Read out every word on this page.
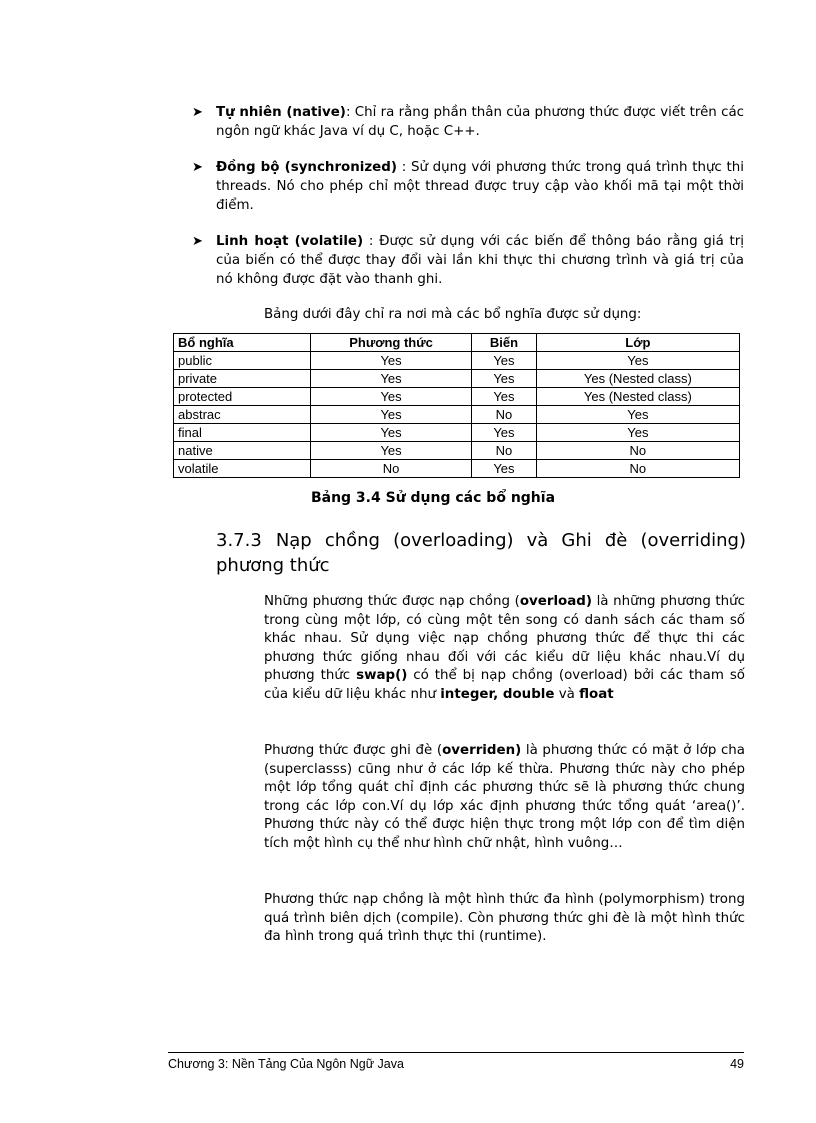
➤ Tự nhiên (native): Chỉ ra rằng phần thân của phương thức được viết trên các ngôn ngữ khác Java ví dụ C, hoặc C++.
➤ Đồng bộ (synchronized) : Sử dụng với phương thức trong quá trình thực thi threads. Nó cho phép chỉ một thread được truy cập vào khối mã tại một thời điểm.
➤ Linh hoạt (volatile) : Được sử dụng với các biến để thông báo rằng giá trị của biến có thể được thay đổi vài lần khi thực thi chương trình và giá trị của nó không được đặt vào thanh ghi.
Bảng dưới đây chỉ ra nơi mà các bổ nghĩa được sử dụng:
Bổ nghĩa	Phương thức	Biến	Lớp
public	Yes	Yes	Yes
private	Yes	Yes	Yes (Nested class)
protected	Yes	Yes	Yes (Nested class)
abstrac	Yes	No	Yes
final	Yes	Yes	Yes
native	Yes	No	No
volatile	No	Yes	No
Bảng 3.4 Sử dụng các bổ nghĩa
3.7.3 Nạp chồng (overloading) và Ghi đè (overriding) phương thức
Những phương thức được nạp chồng (overload) là những phương thức trong cùng một lớp, có cùng một tên song có danh sách các tham số khác nhau. Sử dụng việc nạp chồng phương thức để thực thi các phương thức giống nhau đối với các kiểu dữ liệu khác nhau.Ví dụ phương thức swap() có thể bị nạp chồng (overload) bởi các tham số của kiểu dữ liệu khác như integer, double và float
Phương thức được ghi đè (overriden) là phương thức có mặt ở lớp cha (superclasss) cũng như ở các lớp kế thừa. Phương thức này cho phép một lớp tổng quát chỉ định các phương thức sẽ là phương thức chung trong các lớp con.Ví dụ lớp xác định phương thức tổng quát ‘area()’. Phương thức này có thể được hiện thực trong một lớp con để tìm diện tích một hình cụ thể như hình chữ nhật, hình vuông…
Phương thức nạp chồng là một hình thức đa hình (polymorphism) trong quá trình biên dịch (compile). Còn phương thức ghi đè là một hình thức đa hình trong quá trình thực thi (runtime).
Chương 3: Nền Tảng Của Ngôn Ngữ Java	49
